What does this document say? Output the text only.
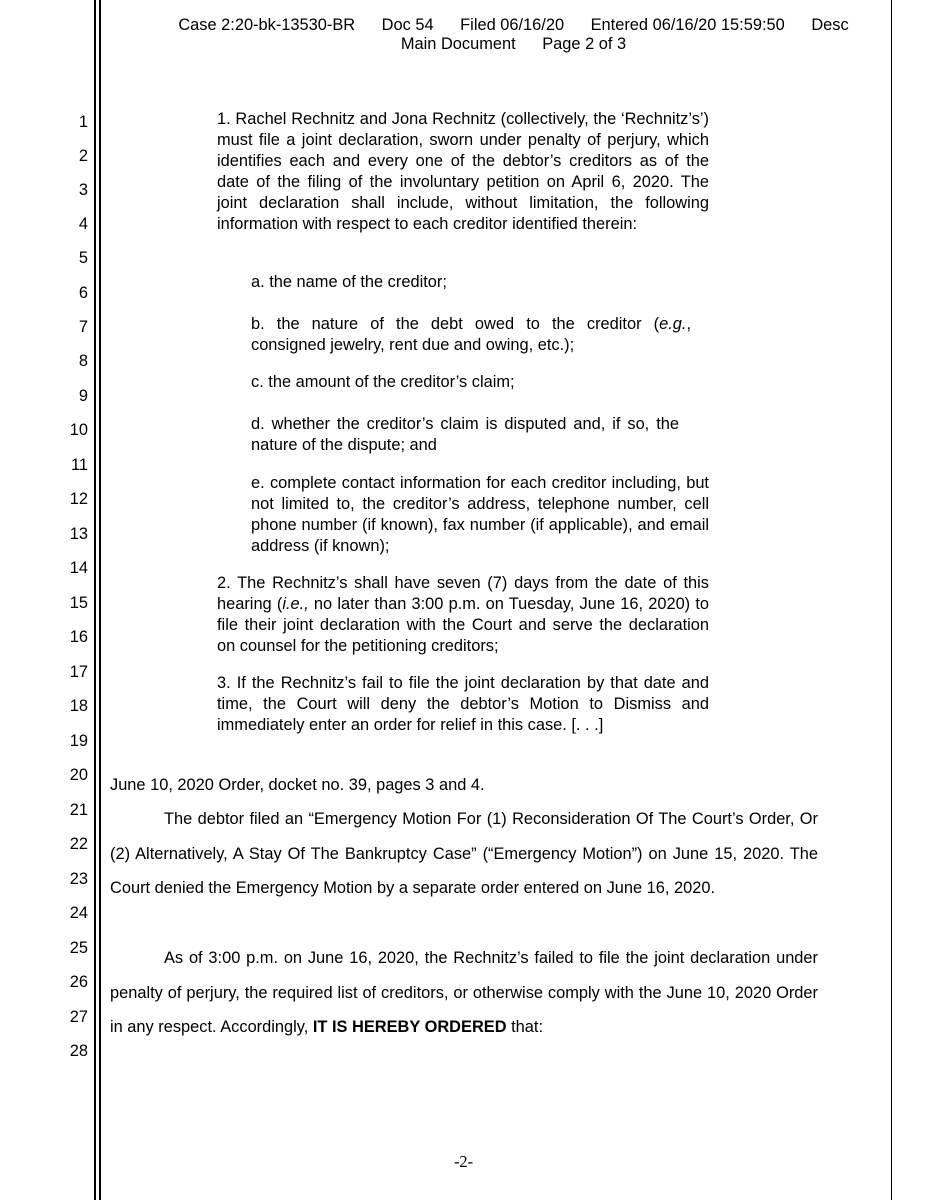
Case 2:20-bk-13530-BR Doc 54 Filed 06/16/20 Entered 06/16/20 15:59:50 Desc
Main Document Page 2 of 3
1
2
3
4
5
6
7
8
9
10
11
12
13
14
15
16
17
18
19
20
21
22
23
24
25
26
27
28

1. Rachel Rechnitz and Jona Rechnitz (collectively, the ‘Rechnitz’s’) must file a joint declaration, sworn under penalty of perjury, which identifies each and every one of the debtor’s creditors as of the date of the filing of the involuntary petition on April 6, 2020. The joint declaration shall include, without limitation, the following information with respect to each creditor identified therein:

a. the name of the creditor;
b. the nature of the debt owed to the creditor (e.g., consigned jewelry, rent due and owing, etc.);
c. the amount of the creditor’s claim;
d. whether the creditor’s claim is disputed and, if so, the nature of the dispute; and
e. complete contact information for each creditor including, but not limited to, the creditor’s address, telephone number, cell phone number (if known), fax number (if applicable), and email address (if known);
2. The Rechnitz’s shall have seven (7) days from the date of this hearing (i.e., no later than 3:00 p.m. on Tuesday, June 16, 2020) to file their joint declaration with the Court and serve the declaration on counsel for the petitioning creditors;
3. If the Rechnitz’s fail to file the joint declaration by that date and time, the Court will deny the debtor’s Motion to Dismiss and immediately enter an order for relief in this case. [. . .]
June 10, 2020 Order, docket no. 39, pages 3 and 4.
The debtor filed an “Emergency Motion For (1) Reconsideration Of The Court’s Order, Or (2) Alternatively, A Stay Of The Bankruptcy Case” (“Emergency Motion”) on June 15, 2020. The Court denied the Emergency Motion by a separate order entered on June 16, 2020.
As of 3:00 p.m. on June 16, 2020, the Rechnitz’s failed to file the joint declaration under penalty of perjury, the required list of creditors, or otherwise comply with the June 10, 2020 Order in any respect. Accordingly, IT IS HEREBY ORDERED that:
-2-
